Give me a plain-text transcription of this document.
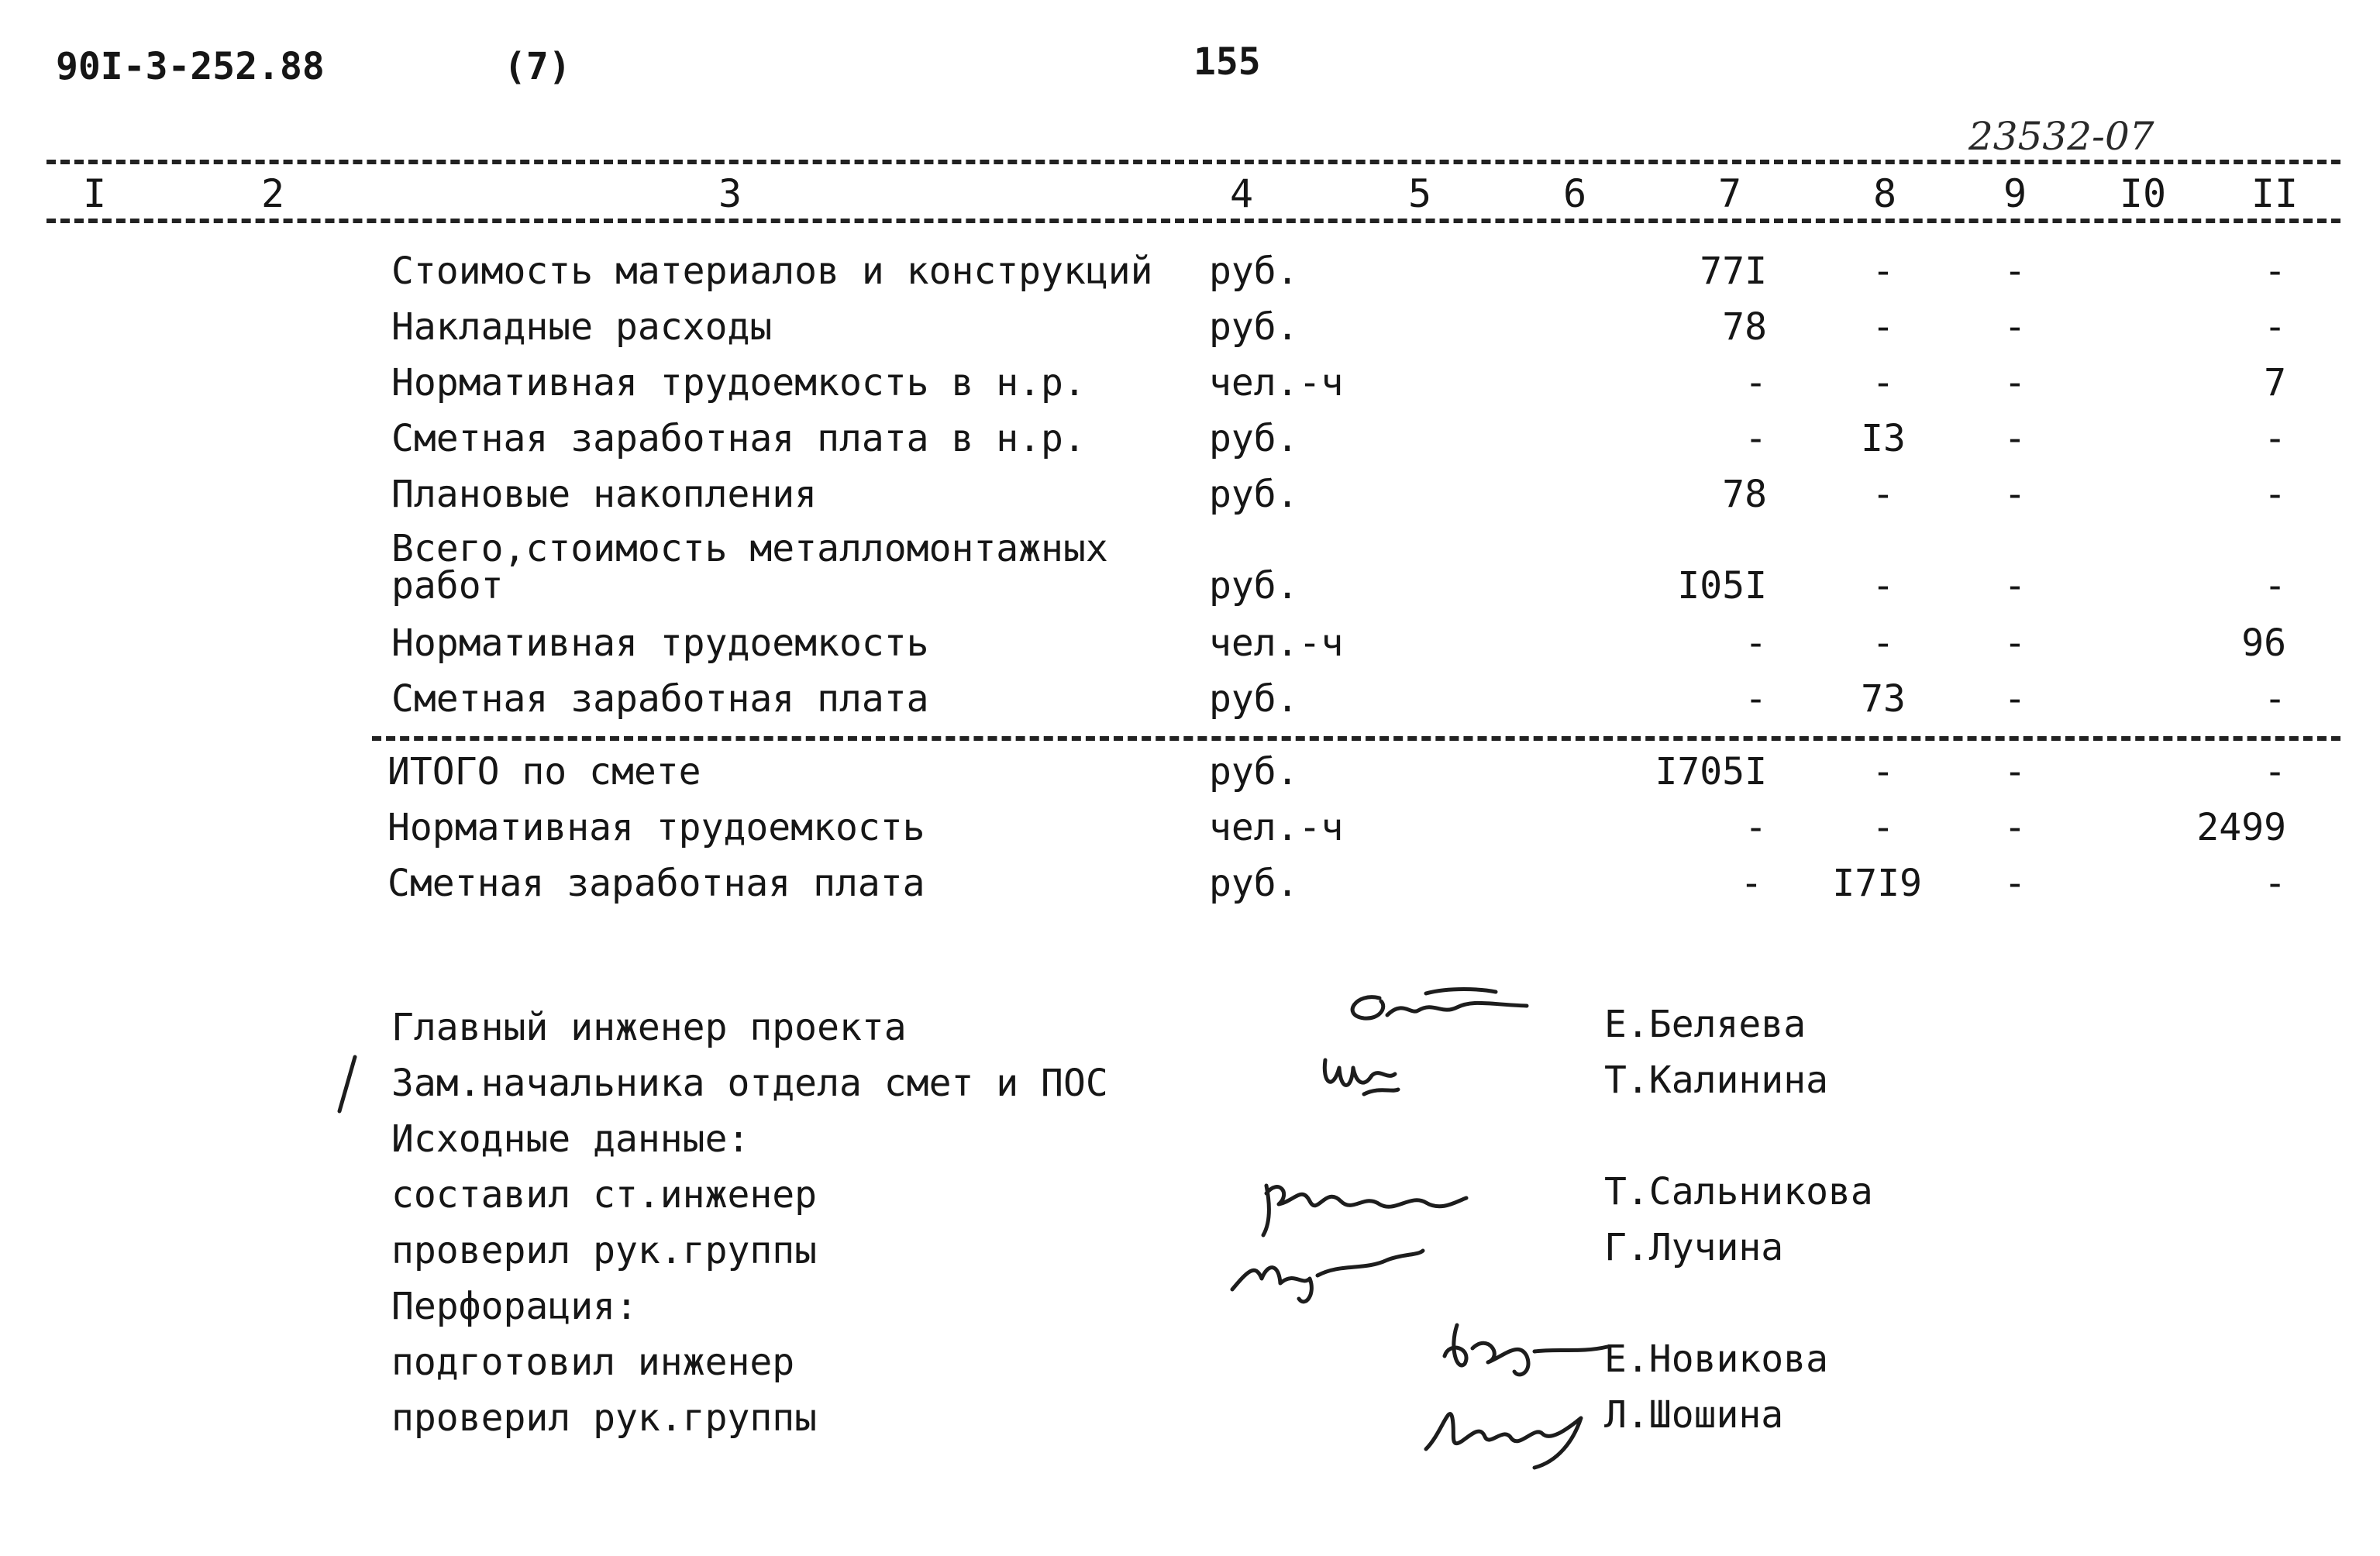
90I-3-252.88	(7)	155
23532-07
I	2	3	4	5	6	7	8	9	I0 II
Стоимость материалов и конструкций руб.	77I	-	-	-
Накладные расходы	руб.	78	-	-	-
Нормативная трудоемкость в н.р.	чел.-ч	-	-	-	7
Сметная заработная плата в н.р.	руб.	-	I3	-	-
Плановые накопления	руб.	78	-	-	-
Всего,стоимость металломонтажных
работ	руб.	I05I	-	-	-
Нормативная трудоемкость	чел.-ч	-	-	-	96
Сметная заработная плата	руб.	-	73	-	-
ИТОГО по смете	руб.	I705I	-	-	-
Нормативная трудоемкость	чел.-ч	-	-	-	2499
Сметная заработная плата	руб.	-	I7I9	-	-
Главный инженер проекта	Е.Беляева
Зам.начальника отдела смет и ПОС	Т.Калинина
Исходные данные:
составил ст.инженер	Т.Сальникова
проверил рук.группы	Г.Лучина
Перфорация:
подготовил инженер	Е.Новикова
проверил рук.группы	Л.Шошина
